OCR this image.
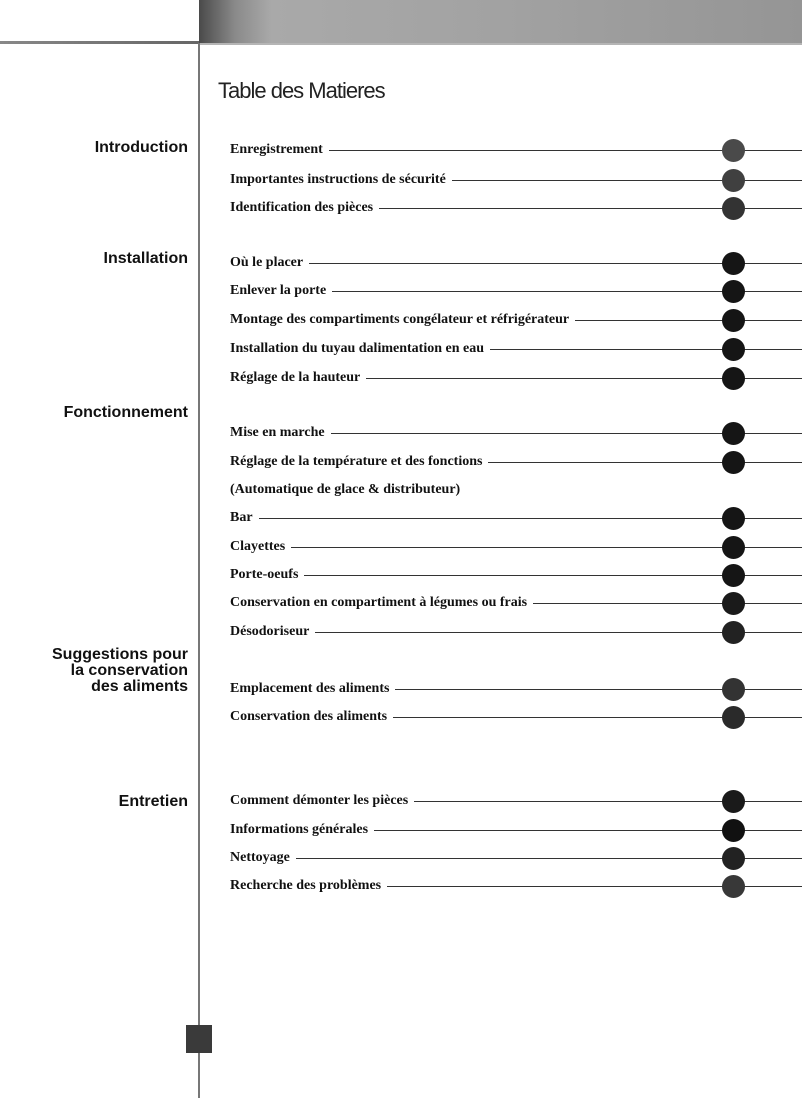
Table des Matieres
Introduction
Installation
Fonctionnement
Suggestions pour
la conservation
des aliments
Entretien
Enregistrement
Importantes instructions de sécurité
Identification des pièces
Où le placer
Enlever la porte
Montage des compartiments congélateur et réfrigérateur
Installation du tuyau dalimentation en eau
Réglage de la hauteur
Mise en marche
Réglage de la température et des fonctions
(Automatique de glace & distributeur)
Bar
Clayettes
Porte-oeufs
Conservation en compartiment à légumes ou frais
Désodoriseur
Emplacement des aliments
Conservation des aliments
Comment démonter les pièces
Informations générales
Nettoyage
Recherche des problèmes
